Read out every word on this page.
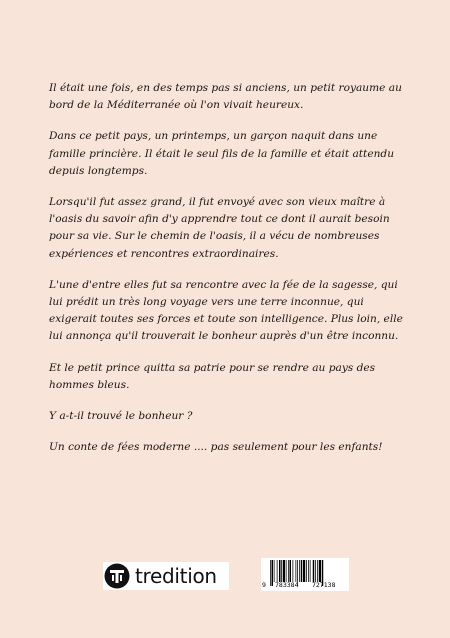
Il était une fois, en des temps pas si anciens, un petit royaume au bord de la Méditerranée où l'on vivait heureux.

Dans ce petit pays, un printemps, un garçon naquit dans une famille princière. Il était le seul fils de la famille et était attendu depuis longtemps.

Lorsqu'il fut assez grand, il fut envoyé avec son vieux maître à l'oasis du savoir afin d'y apprendre tout ce dont il aurait besoin pour sa vie. Sur le chemin de l'oasis, il a vécu de nombreuses expériences et rencontres extraordinaires.

L'une d'entre elles fut sa rencontre avec la fée de la sagesse, qui lui prédit un très long voyage vers une terre inconnue, qui exigerait toutes ses forces et toute son intelligence. Plus loin, elle lui annonça qu'il trouverait le bonheur auprès d'un être inconnu.

Et le petit prince quitta sa patrie pour se rendre au pays des hommes bleus.

Y a-t-il trouvé le bonheur ?

Un conte de fées moderne .... pas seulement pour les enfants!

tredition	9 783384 727138
